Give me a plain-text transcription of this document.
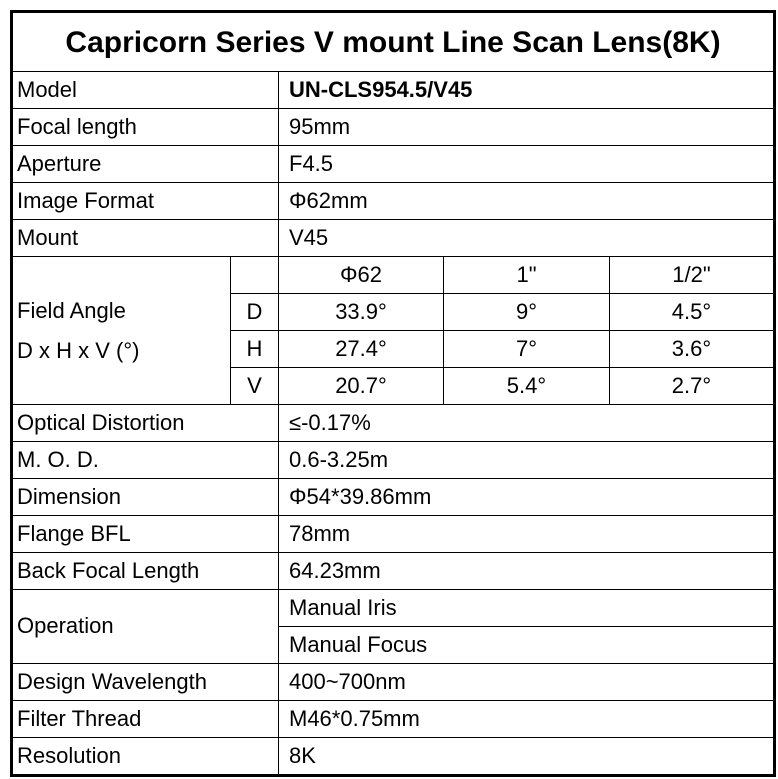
Capricorn Series V mount Line Scan Lens(8K)				
Model		UN-CLS954.5/V45		
Focal length		95mm		
Aperture		F4.5		
Image Format		Φ62mm		
Mount		V45		

Field Angle
D x H x V (°)		Φ62	1"	1/2"
	D	33.9°	9°	4.5°
	H	27.4°	7°	3.6°
	V	20.7°	5.4°	2.7°
Optical Distortion		≤-0.17%		
M. O. D.		0.6-3.25m		
Dimension		Φ54*39.86mm		
Flange BFL		78mm		
Back Focal Length		64.23mm		
Operation		Manual Iris		
		Manual Focus		
Design Wavelength		400~700nm		
Filter Thread		M46*0.75mm		
Resolution		8K		
